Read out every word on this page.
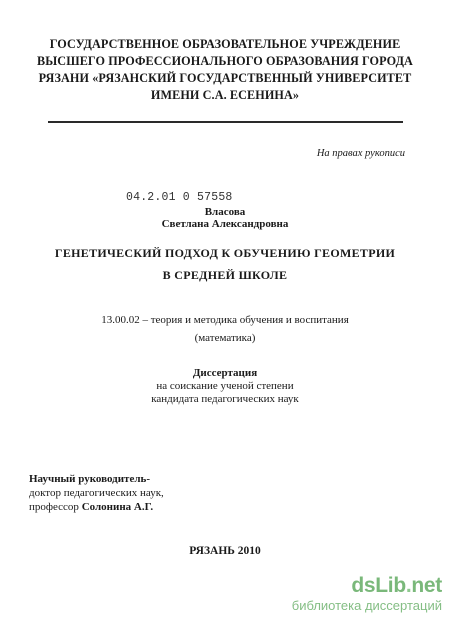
ГОСУДАРСТВЕННОЕ ОБРАЗОВАТЕЛЬНОЕ УЧРЕЖДЕНИЕ
ВЫСШЕГО ПРОФЕССИОНАЛЬНОГО ОБРАЗОВАНИЯ ГОРОДА
РЯЗАНИ «РЯЗАНСКИЙ ГОСУДАРСТВЕННЫЙ УНИВЕРСИТЕТ
ИМЕНИ С.А. ЕСЕНИНА»
На правах рукописи
04.2.01 0 57558
Власова
Светлана Александровна
ГЕНЕТИЧЕСКИЙ ПОДХОД К ОБУЧЕНИЮ ГЕОМЕТРИИ
В СРЕДНЕЙ ШКОЛЕ
13.00.02 – теория и методика обучения и воспитания
(математика)
Диссертация
на соискание ученой степени
кандидата педагогических наук
Научный руководитель-
доктор педагогических наук,
профессор Солонина А.Г.
РЯЗАНЬ 2010
dsLib.net
библиотека диссертаций
